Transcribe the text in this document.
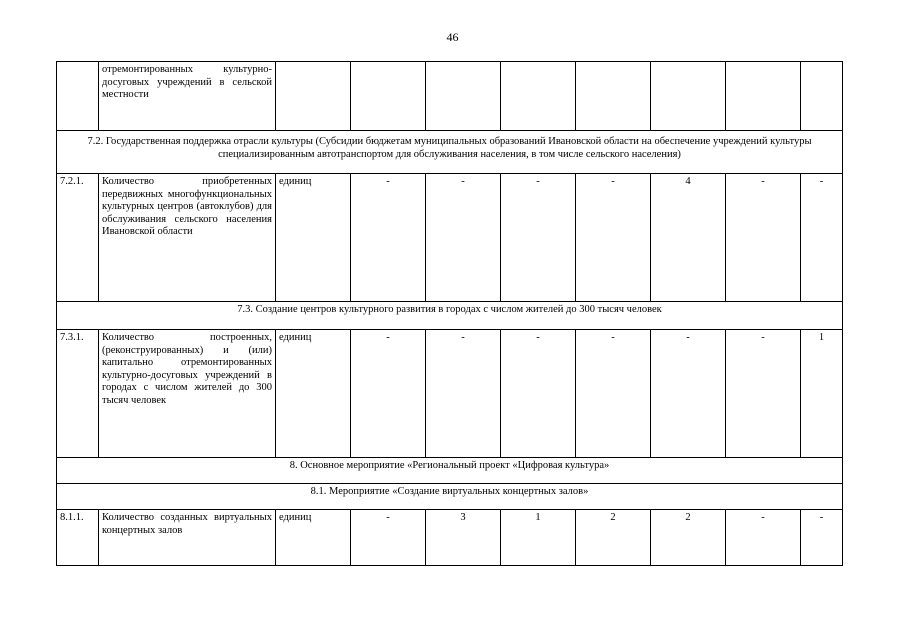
46
	отремонтированных культурно-досуговых учреждений в сельской местности								
7.2. Государственная поддержка отрасли культуры (Субсидии бюджетам муниципальных образований Ивановской области на обеспечение учреждений культуры специализированным автотранспортом для обслуживания населения, в том числе сельского населения)									
7.2.1.	Количество приобретенных передвижных многофункциональных культурных центров (автоклубов) для обслуживания сельского населения Ивановской области	единиц	-	-	-	-	4	-	-
7.3. Создание центров культурного развития в городах с числом жителей до 300 тысяч человек									
7.3.1.	Количество построенных, (реконструированных) и (или) капитально отремонтированных культурно-досуговых учреждений в городах с числом жителей до 300 тысяч человек	единиц	-	-	-	-	-	-	1
8. Основное мероприятие «Региональный проект «Цифровая культура»									
8.1. Мероприятие «Создание виртуальных концертных залов»									
8.1.1.	Количество созданных виртуальных концертных залов	единиц	-	3	1	2	2	-	-
